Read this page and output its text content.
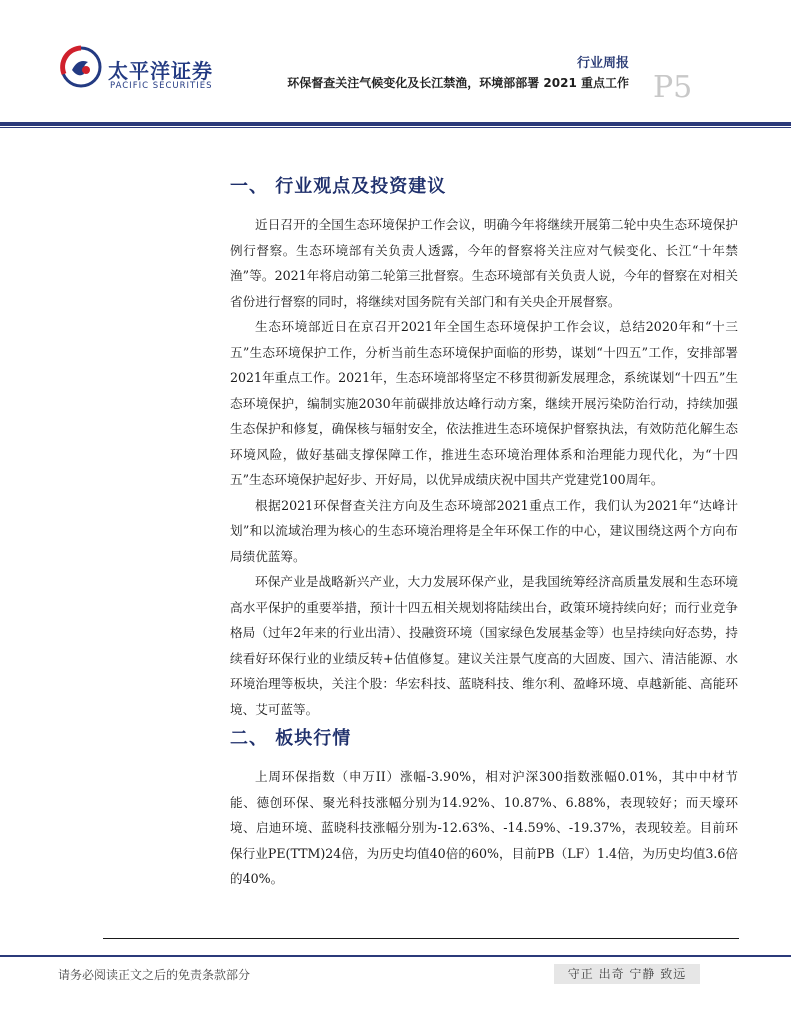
太平洋证券
PACIFIC SECURITIES
行业周报
环保督查关注气候变化及长江禁渔，环境部部署 2021 重点工作 P5
一、 行业观点及投资建议

近日召开的全国生态环境保护工作会议，明确今年将继续开展第二轮中央生态环境保护例行督察。生态环境部有关负责人透露，今年的督察将关注应对气候变化、长江“十年禁渔”等。2021年将启动第二轮第三批督察。生态环境部有关负责人说，今年的督察在对相关省份进行督察的同时，将继续对国务院有关部门和有关央企开展督察。

生态环境部近日在京召开2021年全国生态环境保护工作会议，总结2020年和“十三五”生态环境保护工作，分析当前生态环境保护面临的形势，谋划“十四五”工作，安排部署2021年重点工作。2021年，生态环境部将坚定不移贯彻新发展理念，系统谋划“十四五”生态环境保护，编制实施2030年前碳排放达峰行动方案，继续开展污染防治行动，持续加强生态保护和修复，确保核与辐射安全，依法推进生态环境保护督察执法，有效防范化解生态环境风险，做好基础支撑保障工作，推进生态环境治理体系和治理能力现代化，为“十四五”生态环境保护起好步、开好局，以优异成绩庆祝中国共产党建党100周年。

根据2021环保督查关注方向及生态环境部2021重点工作，我们认为2021年“达峰计划”和以流域治理为核心的生态环境治理将是全年环保工作的中心，建议围绕这两个方向布局绩优蓝筹。

环保产业是战略新兴产业，大力发展环保产业，是我国统筹经济高质量发展和生态环境高水平保护的重要举措，预计十四五相关规划将陆续出台，政策环境持续向好；而行业竞争格局（过年2年来的行业出清）、投融资环境（国家绿色发展基金等）也呈持续向好态势，持续看好环保行业的业绩反转+估值修复。建议关注景气度高的大固废、国六、清洁能源、水环境治理等板块，关注个股：华宏科技、蓝晓科技、维尔利、盈峰环境、卓越新能、高能环境、艾可蓝等。

二、 板块行情

上周环保指数（申万II）涨幅-3.90%，相对沪深300指数涨幅0.01%，其中中材节能、德创环保、聚光科技涨幅分别为14.92%、10.87%、6.88%，表现较好；而天壕环境、启迪环境、蓝晓科技涨幅分别为-12.63%、-14.59%、-19.37%，表现较差。目前环保行业PE(TTM)24倍，为历史均值40倍的60%，目前PB（LF）1.4倍，为历史均值3.6倍的40%。

请务必阅读正文之后的免责条款部分	守正 出奇 宁静 致远
